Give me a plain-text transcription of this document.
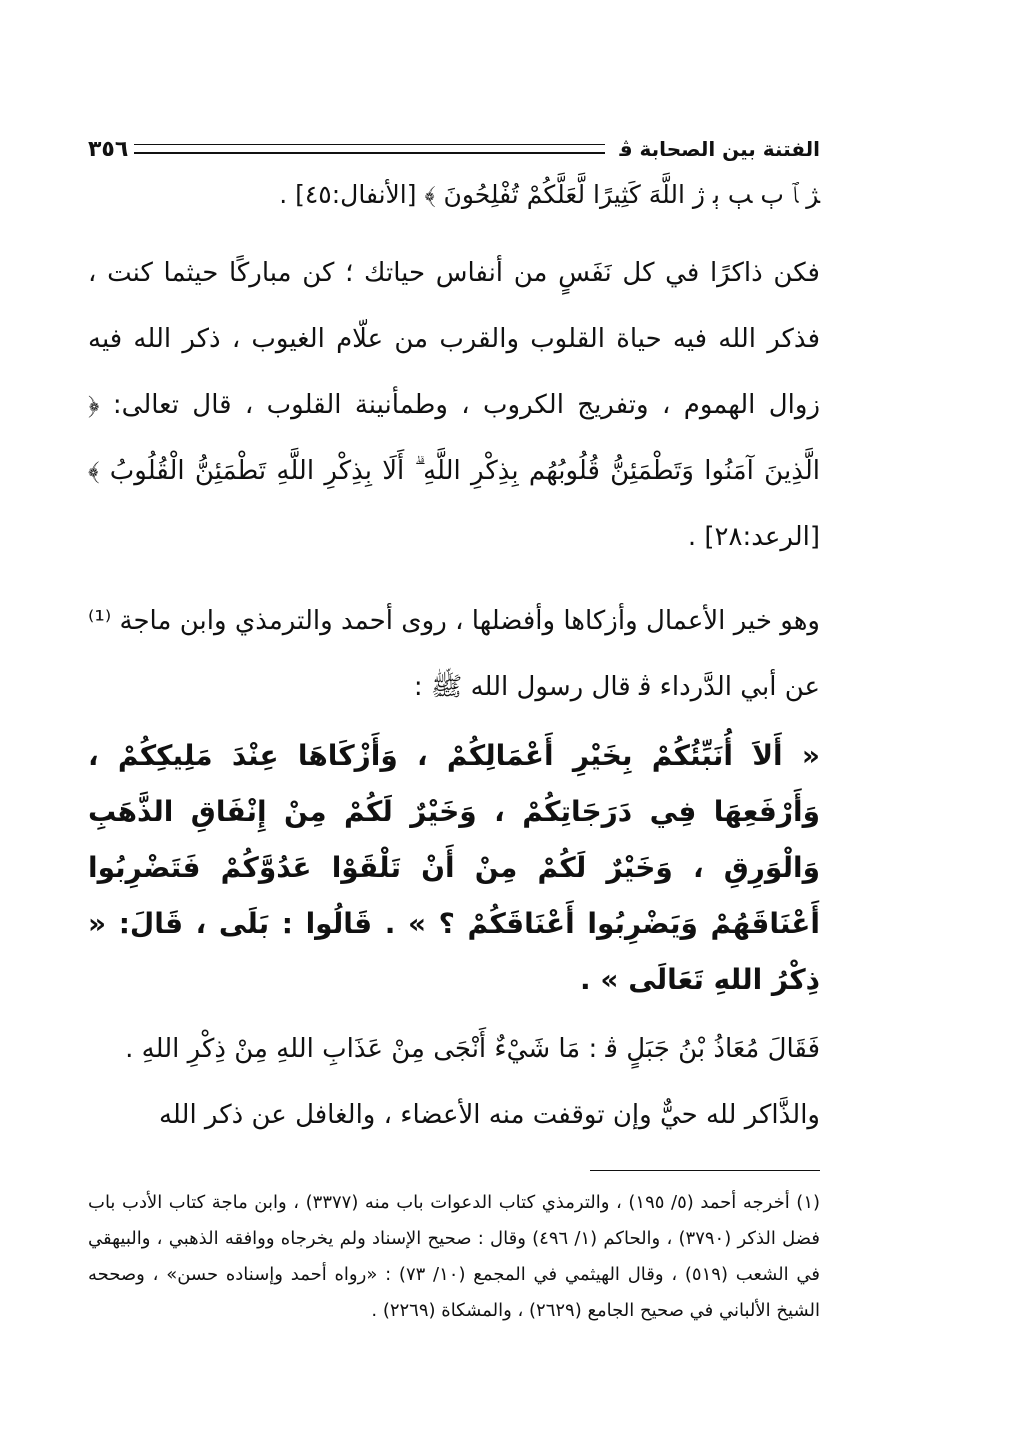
الفتنة بين الصحابة ﭬ
٣٥٦
ﮋ ﭑ ﭒ ﭓ ﭔ ﮊ اللَّهَ كَثِيرًا لَّعَلَّكُمْ تُفْلِحُونَ ﴾ [الأنفال:٤٥] .

فكن ذاكرًا في كل نَفَسٍ من أنفاس حياتك ؛ كن مباركًا حيثما كنت ، فذكر الله فيه حياة القلوب والقرب من علّام الغيوب ، ذكر الله فيه زوال الهموم ، وتفريج الكروب ، وطمأنينة القلوب ، قال تعالى: ﴿ الَّذِينَ آمَنُوا وَتَطْمَئِنُّ قُلُوبُهُم بِذِكْرِ اللَّهِ ۗ أَلَا بِذِكْرِ اللَّهِ تَطْمَئِنُّ الْقُلُوبُ ﴾ [الرعد:٢٨] .

وهو خير الأعمال وأزكاها وأفضلها ، روى أحمد والترمذي وابن ماجة ⁽¹⁾ عن أبي الدَّرداء ﭬ قال رسول الله ﷺ :

« أَلاَ أُنَبِّئُكُمْ بِخَيْرِ أَعْمَالِكُمْ ، وَأَزْكَاهَا عِنْدَ مَلِيكِكُمْ ، وَأَرْفَعِهَا فِي دَرَجَاتِكُمْ ، وَخَيْرٌ لَكُمْ مِنْ إِنْفَاقِ الذَّهَبِ وَالْوَرِقِ ، وَخَيْرٌ لَكُمْ مِنْ أَنْ تَلْقَوْا عَدُوَّكُمْ فَتَضْرِبُوا أَعْنَاقَهُمْ وَيَضْرِبُوا أَعْنَاقَكُمْ ؟ » . قَالُوا : بَلَى ، قَالَ: « ذِكْرُ اللهِ تَعَالَى » .

فَقَالَ مُعَاذُ بْنُ جَبَلٍ ﭬ : مَا شَيْءٌ أَنْجَى مِنْ عَذَابِ اللهِ مِنْ ذِكْرِ اللهِ .

والذَّاكر لله حيٌّ وإن توقفت منه الأعضاء ، والغافل عن ذكر الله

(١) أخرجه أحمد (٥/ ١٩٥) ، والترمذي كتاب الدعوات باب منه (٣٣٧٧) ، وابن ماجة كتاب الأدب باب فضل الذكر (٣٧٩٠) ، والحاكم (١/ ٤٩٦) وقال : صحيح الإسناد ولم يخرجاه ووافقه الذهبي ، والبيهقي في الشعب (٥١٩) ، وقال الهيثمي في المجمع (١٠/ ٧٣) : «رواه أحمد وإسناده حسن» ، وصححه الشيخ الألباني في صحيح الجامع (٢٦٢٩) ، والمشكاة (٢٢٦٩) .
